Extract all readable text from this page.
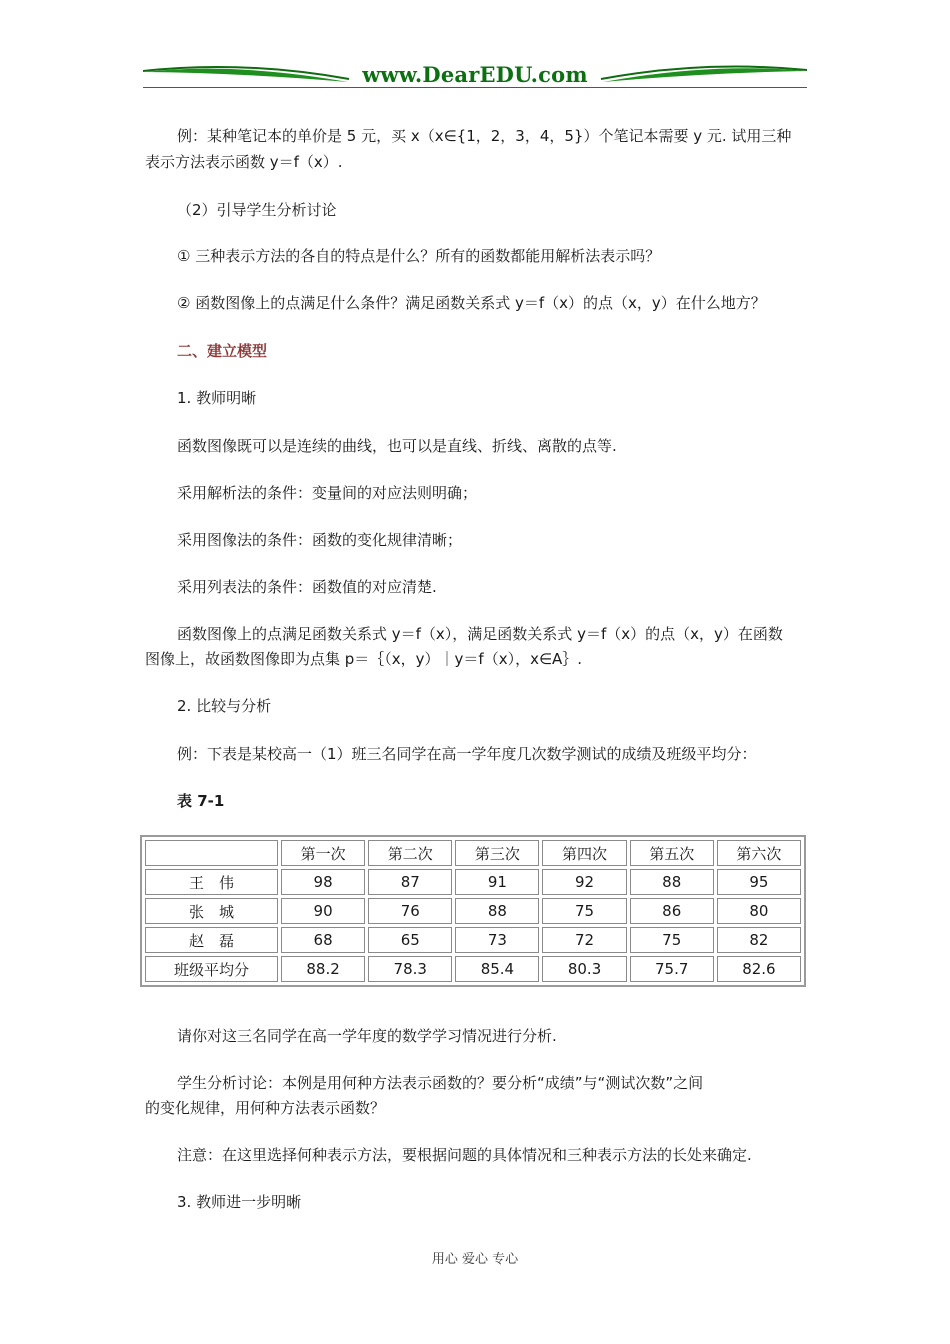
www.DearEDU.com

例：某种笔记本的单价是 5 元，买 x（x∈{1，2，3，4，5}）个笔记本需要 y 元. 试用三种

表示方法表示函数 y＝f（x）.

（2）引导学生分析讨论

① 三种表示方法的各自的特点是什么？所有的函数都能用解析法表示吗？

② 函数图像上的点满足什么条件？满足函数关系式 y＝f（x）的点（x，y）在什么地方？

二、建立模型

1. 教师明晰

函数图像既可以是连续的曲线，也可以是直线、折线、离散的点等.

采用解析法的条件：变量间的对应法则明确；

采用图像法的条件：函数的变化规律清晰；

采用列表法的条件：函数值的对应清楚.

函数图像上的点满足函数关系式 y＝f（x），满足函数关系式 y＝f（x）的点（x，y）在函数

图像上，故函数图像即为点集 p＝｛（x，y）｜y＝f（x），x∈A｝.

2. 比较与分析

例：下表是某校高一（1）班三名同学在高一学年度几次数学测试的成绩及班级平均分：

表 7-1

	第一次	第二次	第三次	第四次	第五次	第六次
王　伟	98	87	91	92	88	95
张　城	90	76	88	75	86	80
赵　磊	68	65	73	72	75	82
班级平均分	88.2	78.3	85.4	80.3	75.7	82.6

请你对这三名同学在高一学年度的数学学习情况进行分析.

学生分析讨论：本例是用何种方法表示函数的？要分析“成绩”与“测试次数”之间

的变化规律，用何种方法表示函数？

注意：在这里选择何种表示方法，要根据问题的具体情况和三种表示方法的长处来确定.

3. 教师进一步明晰

用心 爱心 专心
